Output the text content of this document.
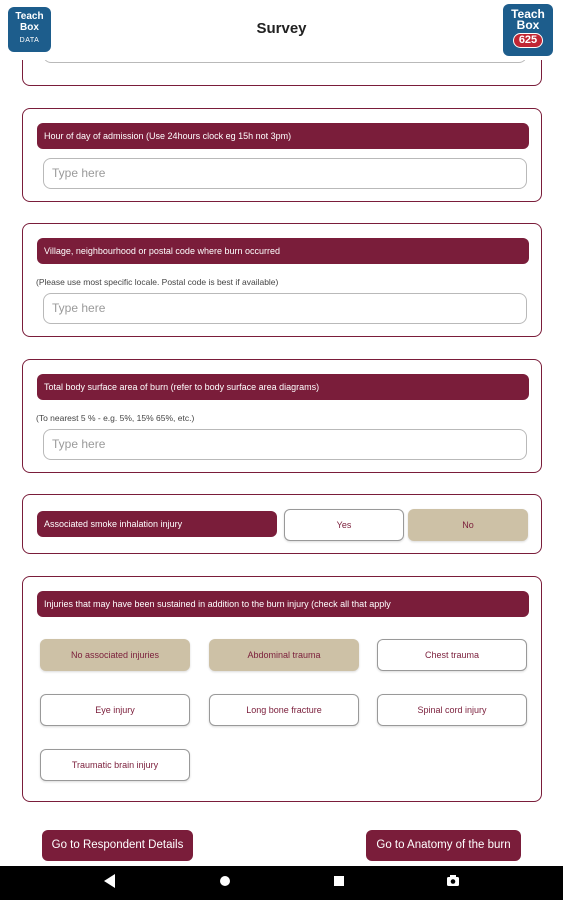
Teach
Box
DATA
Survey
Teach
Box
625
Hour of day of admission (Use 24hours clock eg 15h not 3pm)
Type here
Village, neighbourhood or postal code where burn occurred
(Please use most specific locale. Postal code is best if available)
Type here
Total body surface area of burn (refer to body surface area diagrams)
(To nearest 5 % - e.g. 5%, 15% 65%, etc.)
Type here
Associated smoke inhalation injury	Yes	No
Injuries that may have been sustained in addition to the burn injury (check all that apply
No associated injuries	Abdominal trauma	Chest trauma
Eye injury	Long bone fracture	Spinal cord injury
Traumatic brain injury
Go to Respondent Details	Go to Anatomy of the burn
